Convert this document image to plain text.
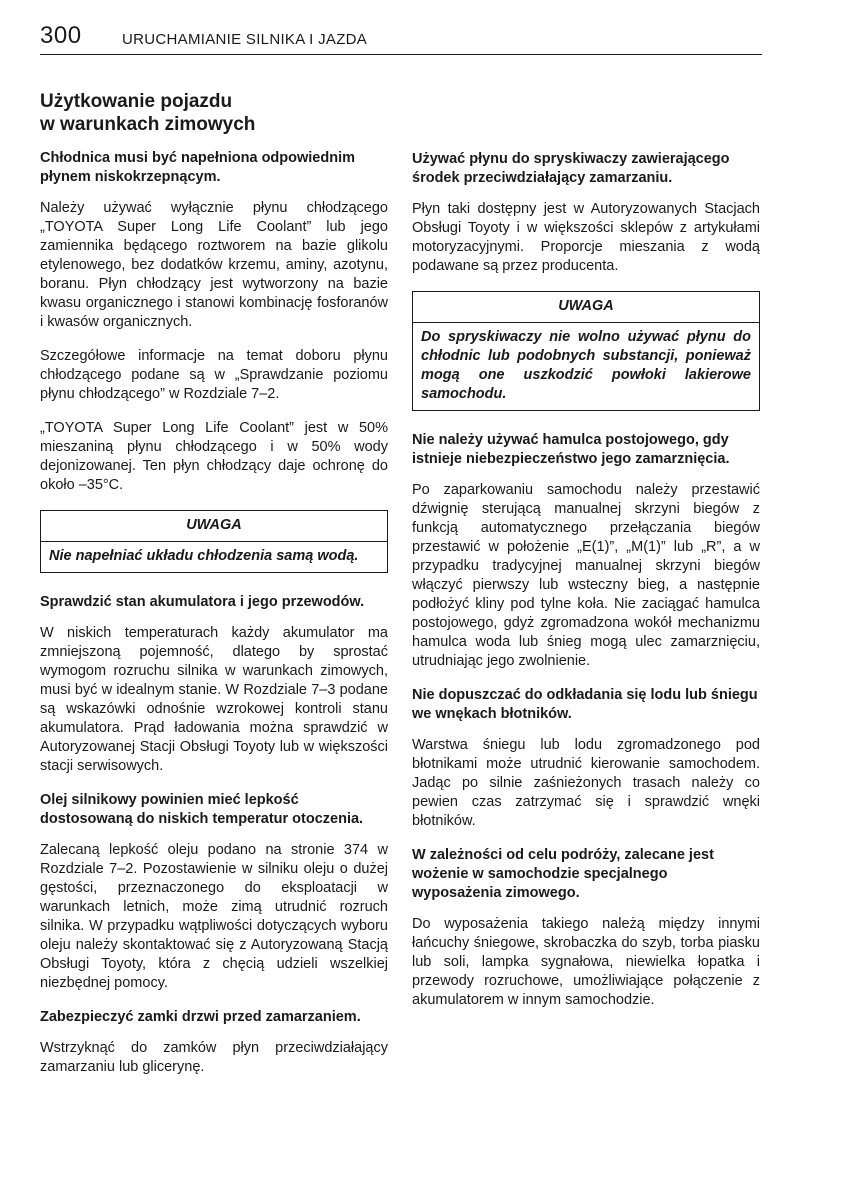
300	URUCHAMIANIE SILNIKA I JAZDA
Użytkowanie pojazdu
w warunkach zimowych
Chłodnica musi być napełniona odpowiednim płynem niskokrzepnącym.

Należy używać wyłącznie płynu chłodzącego „TOYOTA Super Long Life Coolant” lub jego zamiennika będącego roztworem na bazie glikolu etylenowego, bez dodatków krzemu, aminy, azotynu, boranu. Płyn chłodzący jest wytworzony na bazie kwasu organicznego i stanowi kombinację fosforanów i kwasów organicznych.

Szczegółowe informacje na temat doboru płynu chłodzącego podane są w „Sprawdzanie poziomu płynu chłodzącego” w Rozdziale 7–2.

„TOYOTA Super Long Life Coolant” jest w 50% mieszaniną płynu chłodzącego i w 50% wody dejonizowanej. Ten płyn chłodzący daje ochronę do około –35°C.

UWAGA
Nie napełniać układu chłodzenia samą wodą.
Sprawdzić stan akumulatora i jego przewodów.

W niskich temperaturach każdy akumulator ma zmniejszoną pojemność, dlatego by sprostać wymogom rozruchu silnika w warunkach zimowych, musi być w idealnym stanie. W Rozdziale 7–3 podane są wskazówki odnośnie wzrokowej kontroli stanu akumulatora. Prąd ładowania można sprawdzić w Autoryzowanej Stacji Obsługi Toyoty lub w większości stacji serwisowych.

Olej silnikowy powinien mieć lepkość dostosowaną do niskich temperatur otoczenia.

Zalecaną lepkość oleju podano na stronie 374 w Rozdziale 7–2. Pozostawienie w silniku oleju o dużej gęstości, przeznaczonego do eksploatacji w warunkach letnich, może zimą utrudnić rozruch silnika. W przypadku wątpliwości dotyczących wyboru oleju należy skontaktować się z Autoryzowaną Stacją Obsługi Toyoty, która z chęcią udzieli wszelkiej niezbędnej pomocy.

Zabezpieczyć zamki drzwi przed zamarzaniem.

Wstrzyknąć do zamków płyn przeciwdziałający zamarzaniu lub glicerynę.

Używać płynu do spryskiwaczy zawierającego środek przeciwdziałający zamarzaniu.

Płyn taki dostępny jest w Autoryzowanych Stacjach Obsługi Toyoty i w większości sklepów z artykułami motoryzacyjnymi. Proporcje mieszania z wodą podawane są przez producenta.

UWAGA
Do spryskiwaczy nie wolno używać płynu do chłodnic lub podobnych substancji, ponieważ mogą one uszkodzić powłoki lakierowe samochodu.
Nie należy używać hamulca postojowego, gdy istnieje niebezpieczeństwo jego zamarznięcia.

Po zaparkowaniu samochodu należy przestawić dźwignię sterującą manualnej skrzyni biegów z funkcją automatycznego przełączania biegów przestawić w położenie „E(1)”, „M(1)” lub „R”, a w przypadku tradycyjnej manualnej skrzyni biegów włączyć pierwszy lub wsteczny bieg, a następnie podłożyć kliny pod tylne koła. Nie zaciągać hamulca postojowego, gdyż zgromadzona wokół mechanizmu hamulca woda lub śnieg mogą ulec zamarznięciu, utrudniając jego zwolnienie.

Nie dopuszczać do odkładania się lodu lub śniegu we wnękach błotników.

Warstwa śniegu lub lodu zgromadzonego pod błotnikami może utrudnić kierowanie samochodem. Jadąc po silnie zaśnieżonych trasach należy co pewien czas zatrzymać się i sprawdzić wnęki błotników.

W zależności od celu podróży, zalecane jest wożenie w samochodzie specjalnego wyposażenia zimowego.

Do wyposażenia takiego należą między innymi łańcuchy śniegowe, skrobaczka do szyb, torba piasku lub soli, lampka sygnałowa, niewielka łopatka i przewody rozruchowe, umożliwiające połączenie z akumulatorem w innym samochodzie.
